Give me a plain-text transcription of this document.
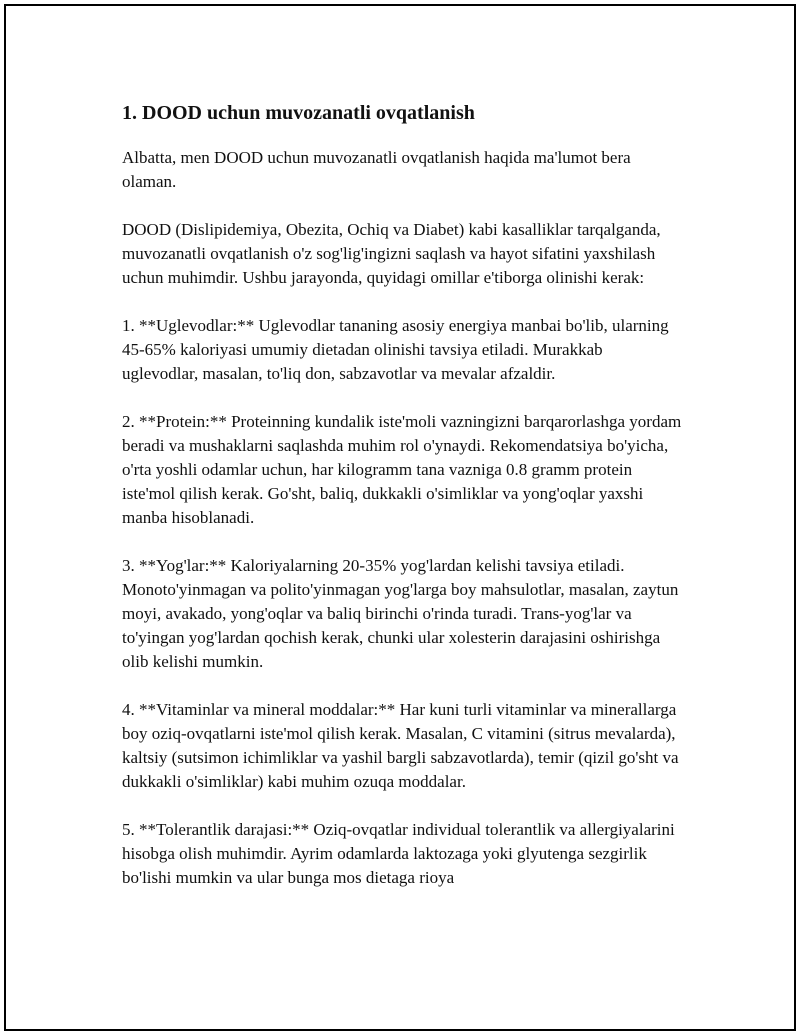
1. DOOD uchun muvozanatli ovqatlanish

Albatta, men DOOD uchun muvozanatli ovqatlanish haqida ma'lumot bera olaman.

DOOD (Dislipidemiya, Obezita, Ochiq va Diabet) kabi kasalliklar tarqalganda, muvozanatli ovqatlanish o'z sog'lig'ingizni saqlash va hayot sifatini yaxshilash uchun muhimdir. Ushbu jarayonda, quyidagi omillar e'tiborga olinishi kerak:

1. **Uglevodlar:** Uglevodlar tananing asosiy energiya manbai bo'lib, ularning 45-65% kaloriyasi umumiy dietadan olinishi tavsiya etiladi. Murakkab uglevodlar, masalan, to'liq don, sabzavotlar va mevalar afzaldir.

2. **Protein:** Proteinning kundalik iste'moli vazningizni barqarorlashga yordam beradi va mushaklarni saqlashda muhim rol o'ynaydi. Rekomendatsiya bo'yicha, o'rta yoshli odamlar uchun, har kilogramm tana vazniga 0.8 gramm protein iste'mol qilish kerak. Go'sht, baliq, dukkakli o'simliklar va yong'oqlar yaxshi manba hisoblanadi.

3. **Yog'lar:** Kaloriyalarning 20-35% yog'lardan kelishi tavsiya etiladi. Monoto'yinmagan va polito'yinmagan yog'larga boy mahsulotlar, masalan, zaytun moyi, avakado, yong'oqlar va baliq birinchi o'rinda turadi. Trans-yog'lar va to'yingan yog'lardan qochish kerak, chunki ular xolesterin darajasini oshirishga olib kelishi mumkin.

4. **Vitaminlar va mineral moddalar:** Har kuni turli vitaminlar va minerallarga boy oziq-ovqatlarni iste'mol qilish kerak. Masalan, C vitamini (sitrus mevalarda), kaltsiy (sutsimon ichimliklar va yashil bargli sabzavotlarda), temir (qizil go'sht va dukkakli o'simliklar) kabi muhim ozuqa moddalar.

5. **Tolerantlik darajasi:** Oziq-ovqatlar individual tolerantlik va allergiyalarini hisobga olish muhimdir. Ayrim odamlarda laktozaga yoki glyutenga sezgirlik bo'lishi mumkin va ular bunga mos dietaga rioya
